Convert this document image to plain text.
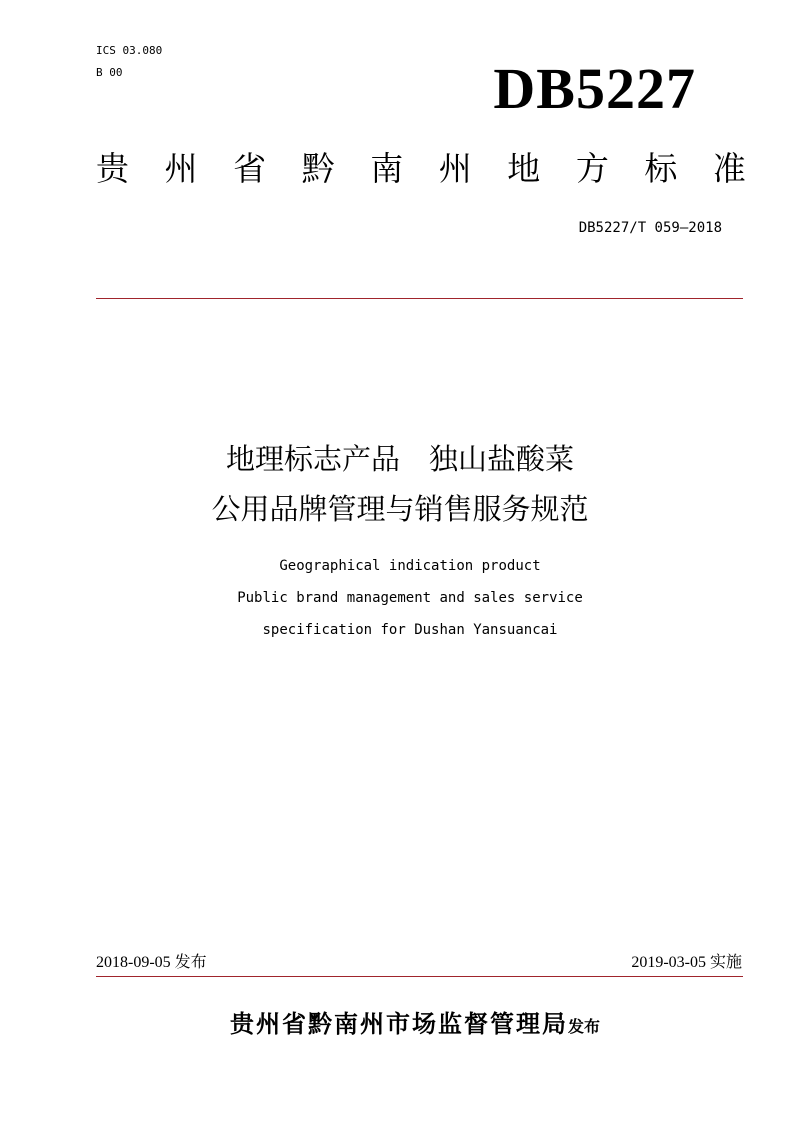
ICS 03.080
B 00	DB5227
贵 州 省 黔 南 州 地 方 标 准
DB5227/T 059—2018
地理标志产品　独山盐酸菜
公用品牌管理与销售服务规范
Geographical indication product
Public brand management and sales service
specification for Dushan Yansuancai
2018-09-05 发布	2019-03-05 实施
贵州省黔南州市场监督管理局发布
